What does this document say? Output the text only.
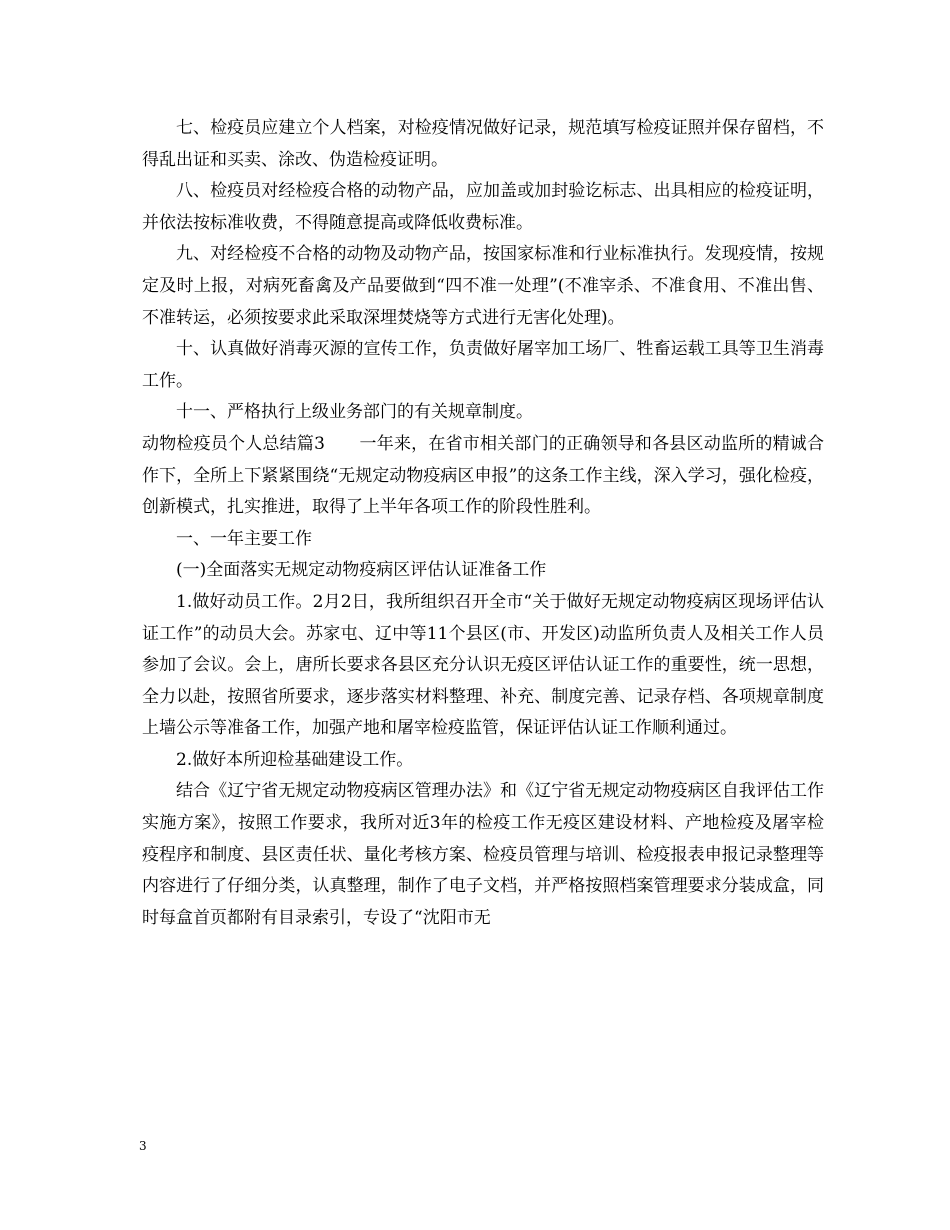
七、检疫员应建立个人档案，对检疫情况做好记录，规范填写检疫证照并保存留档，不得乱出证和买卖、涂改、伪造检疫证明。

八、检疫员对经检疫合格的动物产品，应加盖或加封验讫标志、出具相应的检疫证明，并依法按标准收费，不得随意提高或降低收费标准。

九、对经检疫不合格的动物及动物产品，按国家标准和行业标准执行。发现疫情，按规定及时上报，对病死畜禽及产品要做到“四不准一处理”(不准宰杀、不准食用、不准出售、不准转运，必须按要求此采取深埋焚烧等方式进行无害化处理)。

十、认真做好消毒灭源的宣传工作，负责做好屠宰加工场厂、牲畜运载工具等卫生消毒工作。

十一、严格执行上级业务部门的有关规章制度。

动物检疫员个人总结篇3　　一年来，在省市相关部门的正确领导和各县区动监所的精诚合作下，全所上下紧紧围绕“无规定动物疫病区申报”的这条工作主线，深入学习，强化检疫，创新模式，扎实推进，取得了上半年各项工作的阶段性胜利。

一、一年主要工作

(一)全面落实无规定动物疫病区评估认证准备工作

1.做好动员工作。2月2日，我所组织召开全市“关于做好无规定动物疫病区现场评估认证工作”的动员大会。苏家屯、辽中等11个县区(市、开发区)动监所负责人及相关工作人员参加了会议。会上，唐所长要求各县区充分认识无疫区评估认证工作的重要性，统一思想，全力以赴，按照省所要求，逐步落实材料整理、补充、制度完善、记录存档、各项规章制度上墙公示等准备工作，加强产地和屠宰检疫监管，保证评估认证工作顺利通过。

2.做好本所迎检基础建设工作。

结合《辽宁省无规定动物疫病区管理办法》和《辽宁省无规定动物疫病区自我评估工作实施方案》，按照工作要求，我所对近3年的检疫工作无疫区建设材料、产地检疫及屠宰检疫程序和制度、县区责任状、量化考核方案、检疫员管理与培训、检疫报表申报记录整理等内容进行了仔细分类，认真整理，制作了电子文档，并严格按照档案管理要求分装成盒，同时每盒首页都附有目录索引，专设了“沈阳市无

3
